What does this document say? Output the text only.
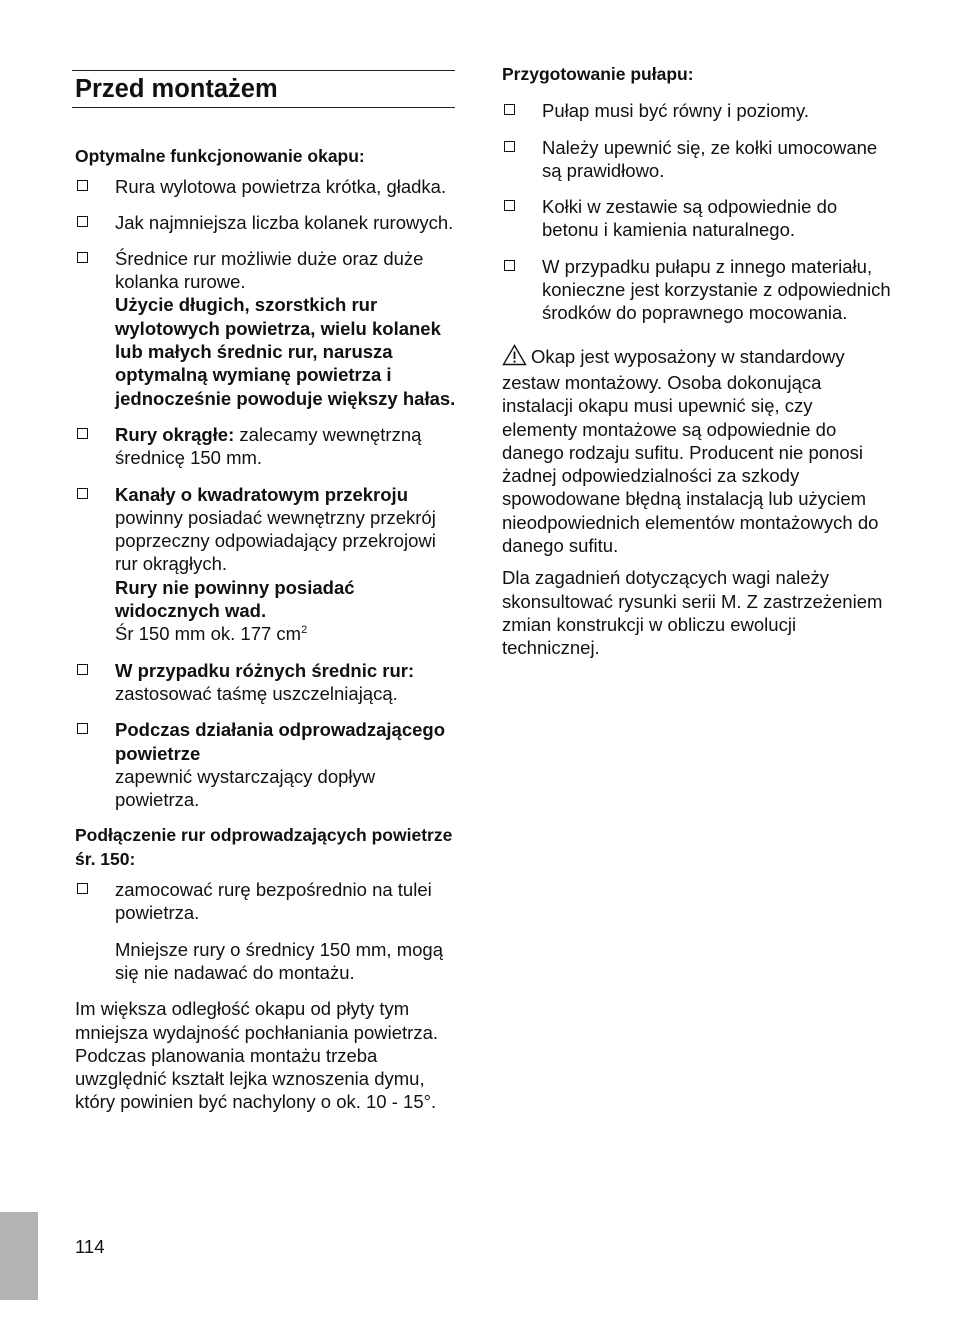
Przed montażem
Optymalne funkcjonowanie okapu:
Rura wylotowa powietrza krótka, gładka.
Jak najmniejsza liczba kolanek rurowych.
Średnice rur możliwie duże oraz duże kolanka rurowe.
Użycie długich, szorstkich rur wylotowych powietrza, wielu kolanek lub małych średnic rur, narusza optymalną wymianę powietrza i jednocześnie powoduje większy hałas.
Rury okrągłe: zalecamy wewnętrzną średnicę 150 mm.
Kanały o kwadratowym przekroju
powinny posiadać wewnętrzny przekrój poprzeczny odpowiadający przekrojowi rur okrągłych.
Rury nie powinny posiadać widocznych wad.
Śr 150 mm ok. 177 $cm^2$
W przypadku różnych średnic rur:
zastosować taśmę uszczelniającą.
Podczas działania odprowadzającego powietrze
zapewnić wystarczający dopływ powietrza.
Podłączenie rur odprowadzających powietrze śr. 150:
zamocować rurę bezpośrednio na tulei powietrza.
Mniejsze rury o średnicy 150 mm, mogą się nie nadawać do montażu.
Im większa odległość okapu od płyty tym mniejsza wydajność pochłaniania powietrza. Podczas planowania montażu trzeba uwzględnić kształt lejka wznoszenia dymu, który powinien być nachylony o ok. 10 - 15°.
Przygotowanie pułapu:
Pułap musi być równy i poziomy.
Należy upewnić się, ze kołki umocowane są prawidłowo.
Kołki w zestawie są odpowiednie do betonu i kamienia naturalnego.
W przypadku pułapu z innego materiału, konieczne jest korzystanie z odpowiednich środków do poprawnego mocowania.
Okap jest wyposażony w standardowy zestaw montażowy. Osoba dokonująca instalacji okapu musi upewnić się, czy elementy montażowe są odpowiednie do danego rodzaju sufitu. Producent nie ponosi żadnej odpowiedzialności za szkody spowodowane błędną instalacją lub użyciem nieodpowiednich elementów montażowych do danego sufitu.
Dla zagadnień dotyczących wagi należy skonsultować rysunki serii M. Z zastrzeżeniem zmian konstrukcji w obliczu ewolucji technicznej.
114
